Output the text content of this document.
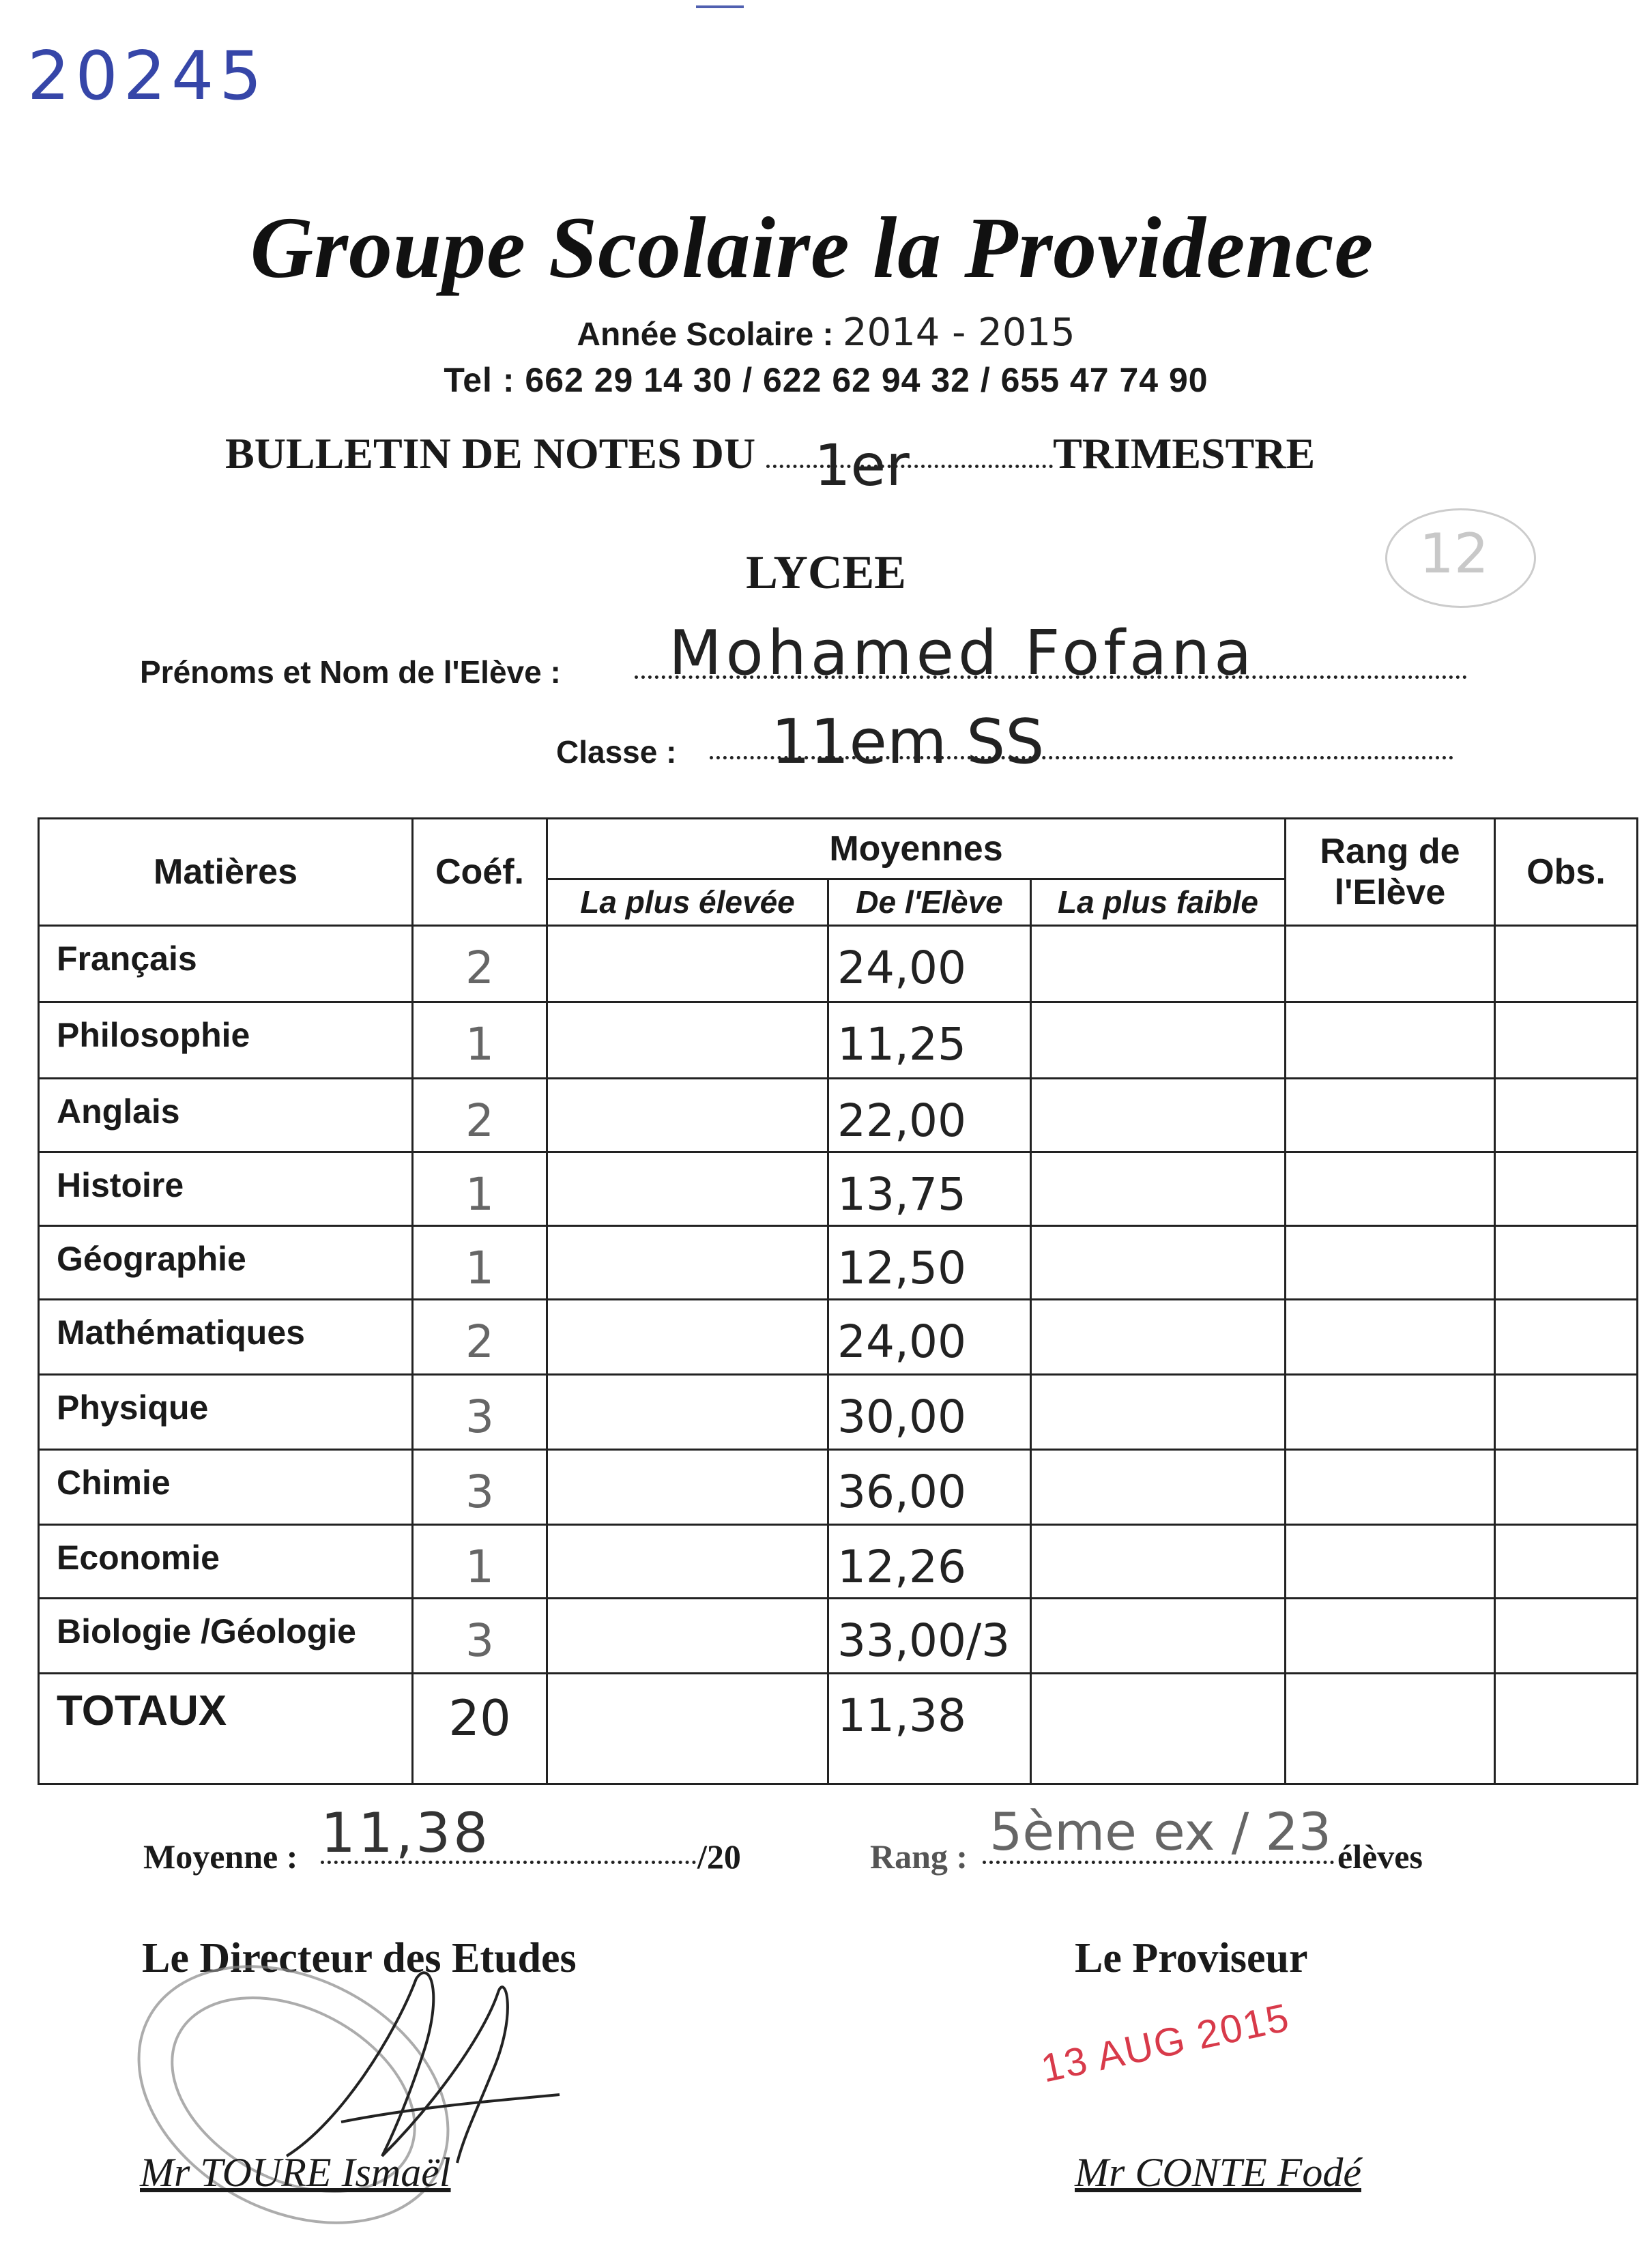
20245
Groupe Scolaire la Providence
Année Scolaire : 2014 - 2015
Tel : 662 29 14 30 / 622 62 94 32 / 655 47 74 90
BULLETIN DE NOTES DU 1er	TRIMESTRE
LYCEE	12
Prénoms et Nom de l'Elève : Mohamed Fofana
Classe : 11em SS
Matières	Coéf.	Moyennes			Rang de l'Elève	Obs.
		La plus élevée	De l'Elève	La plus faible		
Français	2		24,00			
Philosophie	1		11,25			
Anglais	2		22,00			
Histoire	1		13,75			
Géographie	1		12,50			
Mathématiques	2		24,00			
Physique	3		30,00			
Chimie	3		36,00			
Economie	1		12,26			
Biologie /Géologie	3		33,00/3			
TOTAUX	20		11,38			
Moyenne : 11,38	/20	Rang : 5ème ex / 23 élèves
Le Directeur des Etudes	Le Proviseur
13 AUG 2015
Mr TOURE Ismaël	Mr CONTE Fodé
